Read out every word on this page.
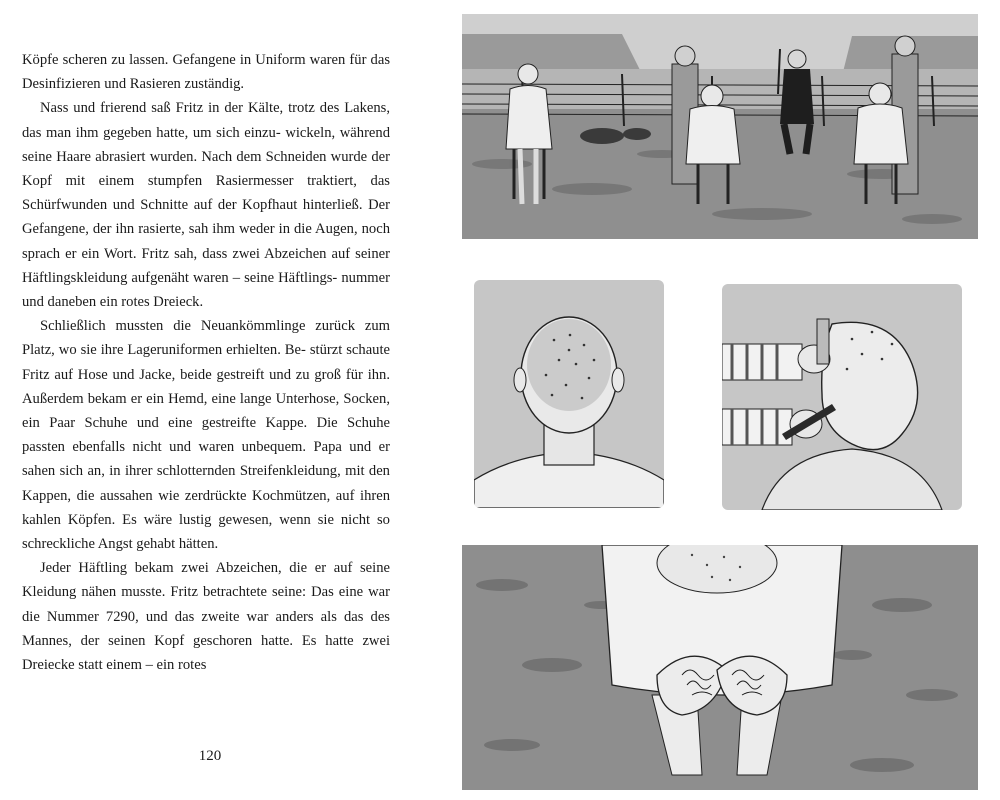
Köpfe scheren zu lassen. Gefangene in Uniform waren für das Desinfizieren und Rasieren zuständig.

Nass und frierend saß Fritz in der Kälte, trotz des Lakens, das man ihm gegeben hatte, um sich einzu- wickeln, während seine Haare abrasiert wurden. Nach dem Schneiden wurde der Kopf mit einem stumpfen Rasiermesser traktiert, das Schürfwunden und Schnitte auf der Kopfhaut hinterließ. Der Gefangene, der ihn rasierte, sah ihm weder in die Augen, noch sprach er ein Wort. Fritz sah, dass zwei Abzeichen auf seiner Häftlingskleidung aufgenäht waren – seine Häftlings- nummer und daneben ein rotes Dreieck.

Schließlich mussten die Neuankömmlinge zurück zum Platz, wo sie ihre Lageruniformen erhielten. Be- stürzt schaute Fritz auf Hose und Jacke, beide gestreift und zu groß für ihn. Außerdem bekam er ein Hemd, eine lange Unterhose, Socken, ein Paar Schuhe und eine gestreifte Kappe. Die Schuhe passten ebenfalls nicht und waren unbequem. Papa und er sahen sich an, in ihrer schlotternden Streifenkleidung, mit den Kappen, die aussahen wie zerdrückte Kochmützen, auf ihren kahlen Köpfen. Es wäre lustig gewesen, wenn sie nicht so schreckliche Angst gehabt hätten.

Jeder Häftling bekam zwei Abzeichen, die er auf seine Kleidung nähen musste. Fritz betrachtete seine: Das eine war die Nummer 7290, und das zweite war anders als das des Mannes, der seinen Kopf geschoren hatte. Es hatte zwei Dreiecke statt einem – ein rotes

120
